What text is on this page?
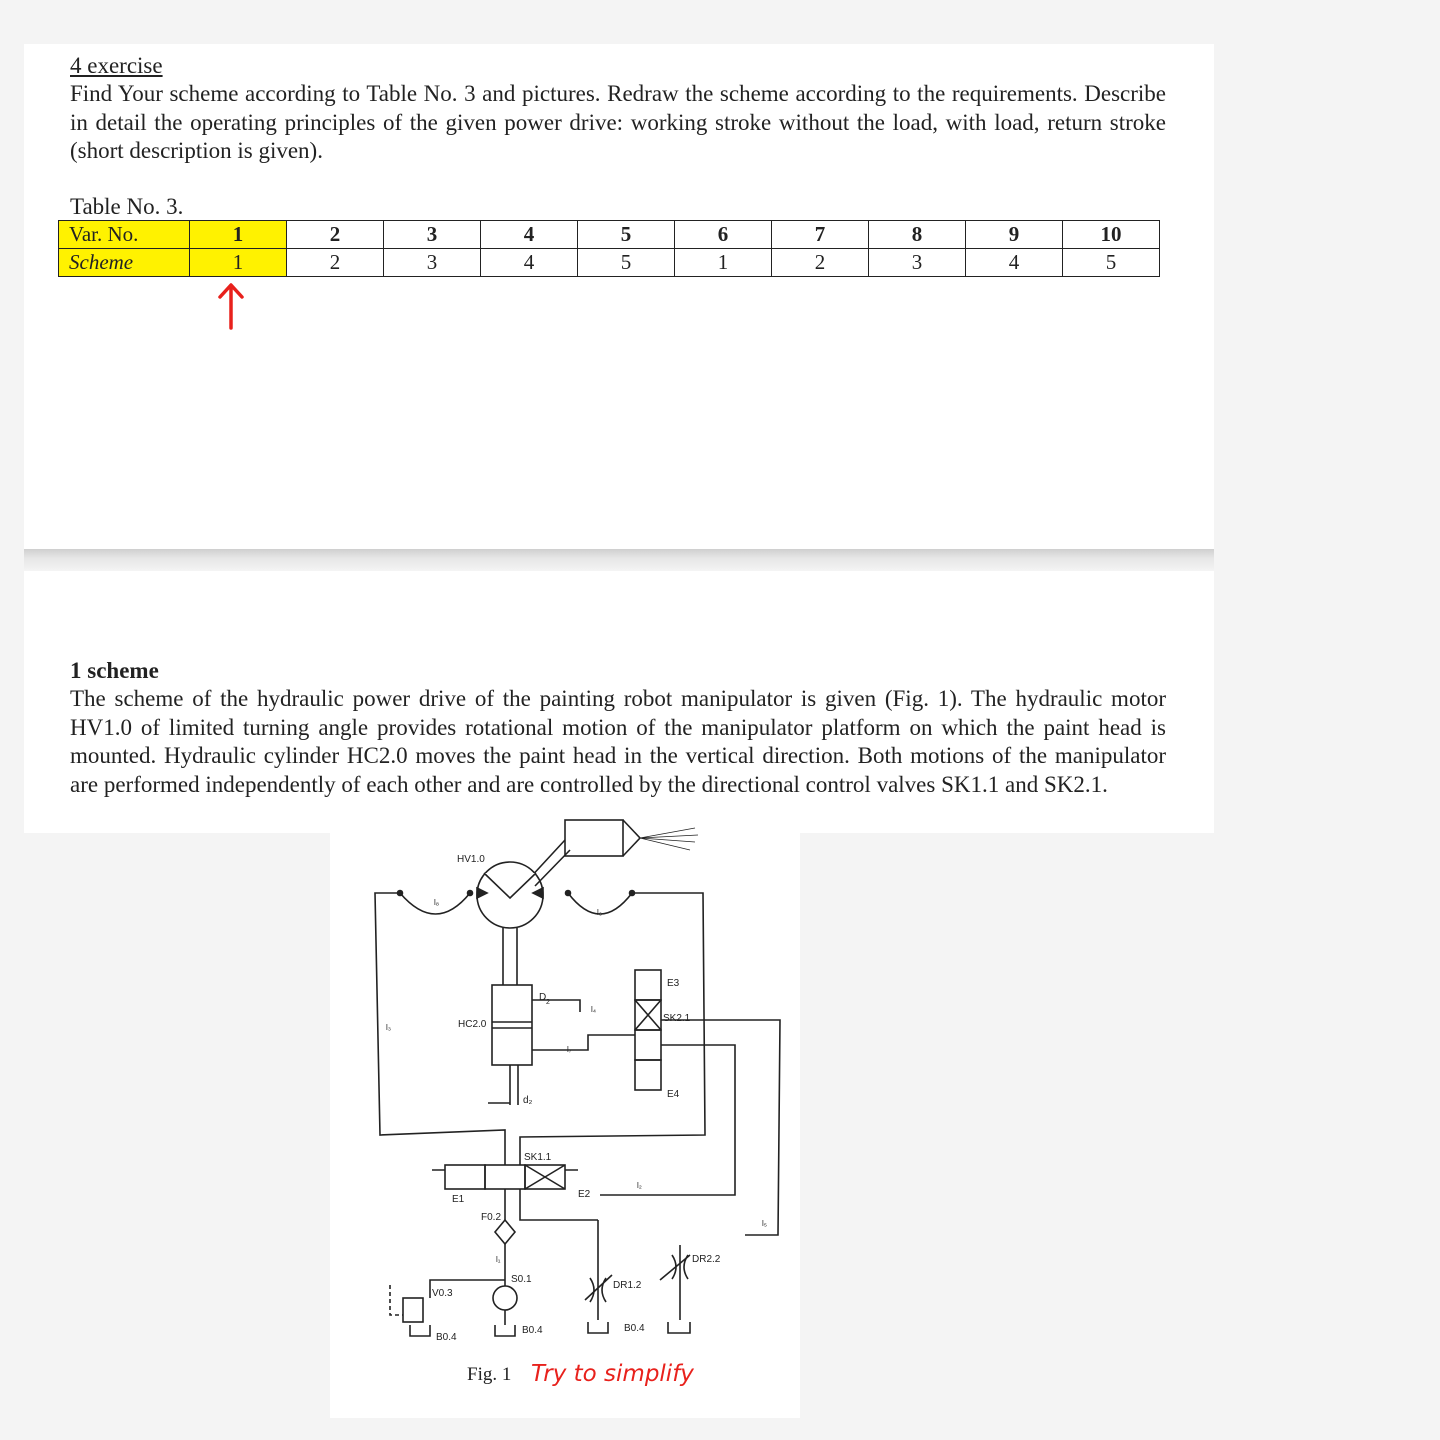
4 exercise
Find Your scheme according to Table No. 3 and pictures. Redraw the scheme according to the requirements. Describe in detail the operating principles of the given power drive: working stroke without the load, with load, return stroke (short description is given).
Table No. 3.
Var. No.	1	2	3	4	5	6	7	8	9	10
Scheme	1	2	3	4	5	1	2	3	4	5
1 scheme
The scheme of the hydraulic power drive of the painting robot manipulator is given (Fig. 1). The hydraulic motor HV1.0 of limited turning angle provides rotational motion of the manipulator platform on which the paint head is mounted. Hydraulic cylinder HC2.0 moves the paint head in the vertical direction. Both motions of the manipulator are performed independently of each other and are controlled by the directional control valves SK1.1 and SK2.1.
HV1.0
HC2.0
SK1.1
SK2.1
E1	E2
E3
E4
F0.2
S0.1
V0.3
DR1.2
DR2.2
B0.4
B0.4	B0.4
D 2
d₂
l₁
l₂
l₃
l₄
l₅
l₆
l₇
l₈
Fig. 1 Try to simplify
